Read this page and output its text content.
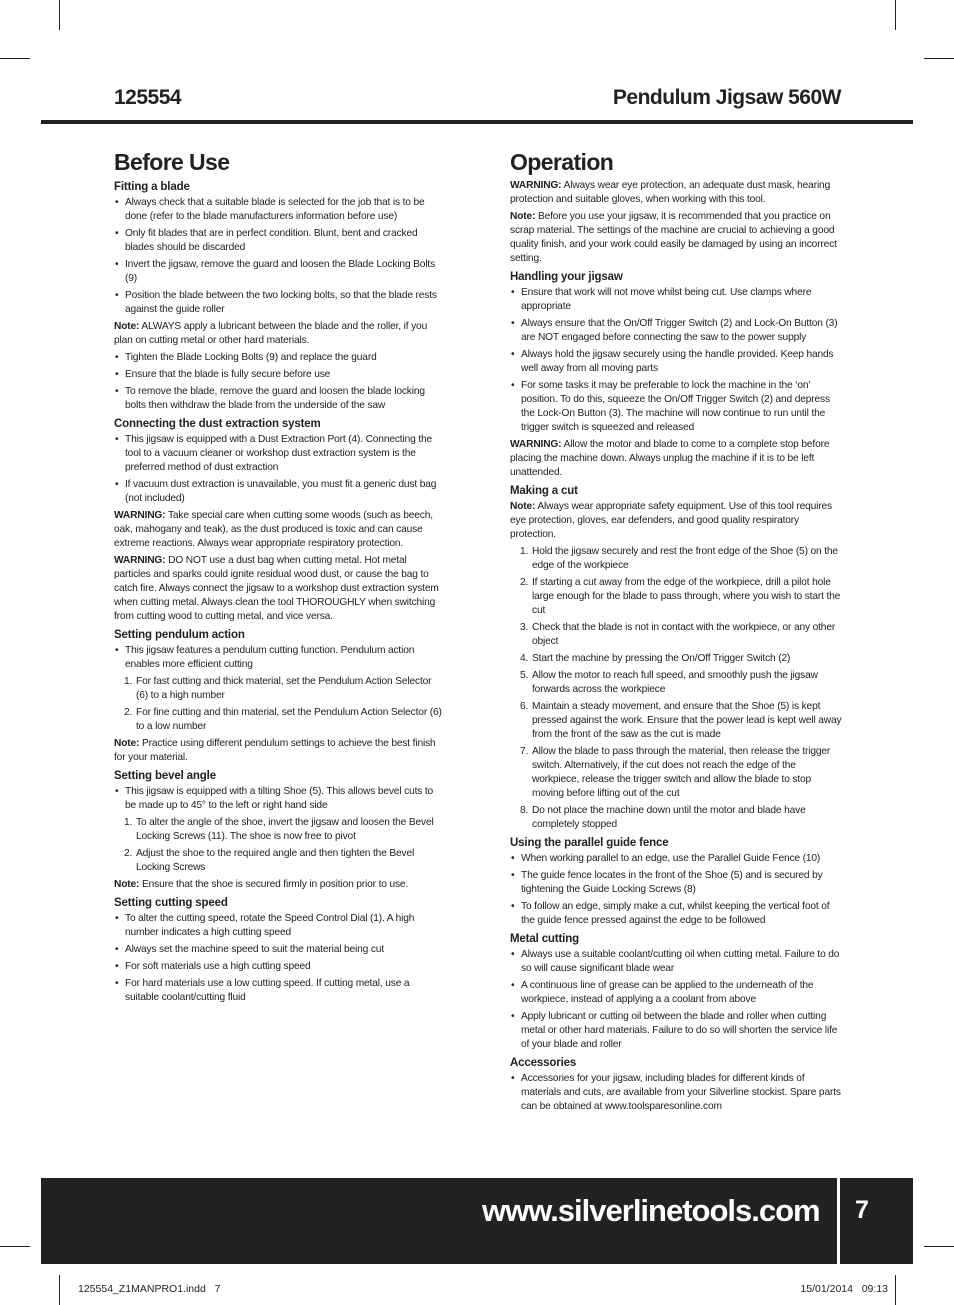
125554	Pendulum Jigsaw 560W
Before Use
Fitting a blade
• Always check that a suitable blade is selected for the job that is to be done (refer to the blade manufacturers information before use)
• Only fit blades that are in perfect condition. Blunt, bent and cracked blades should be discarded
• Invert the jigsaw, remove the guard and loosen the Blade Locking Bolts (9)
• Position the blade between the two locking bolts, so that the blade rests against the guide roller
Note: ALWAYS apply a lubricant between the blade and the roller, if you plan on cutting metal or other hard materials.
• Tighten the Blade Locking Bolts (9) and replace the guard
• Ensure that the blade is fully secure before use
• To remove the blade, remove the guard and loosen the blade locking bolts then withdraw the blade from the underside of the saw
Connecting the dust extraction system
• This jigsaw is equipped with a Dust Extraction Port (4). Connecting the tool to a vacuum cleaner or workshop dust extraction system is the preferred method of dust extraction
• If vacuum dust extraction is unavailable, you must fit a generic dust bag (not included)
WARNING: Take special care when cutting some woods (such as beech, oak, mahogany and teak), as the dust produced is toxic and can cause extreme reactions. Always wear appropriate respiratory protection.
WARNING: DO NOT use a dust bag when cutting metal. Hot metal particles and sparks could ignite residual wood dust, or cause the bag to catch fire. Always connect the jigsaw to a workshop dust extraction system when cutting metal. Always clean the tool THOROUGHLY when switching from cutting wood to cutting metal, and vice versa.
Setting pendulum action
• This jigsaw features a pendulum cutting function. Pendulum action enables more efficient cutting
1. For fast cutting and thick material, set the Pendulum Action Selector (6) to a high number
2. For fine cutting and thin material, set the Pendulum Action Selector (6) to a low number
Note: Practice using different pendulum settings to achieve the best finish for your material.
Setting bevel angle
• This jigsaw is equipped with a tilting Shoe (5). This allows bevel cuts to be made up to 45° to the left or right hand side
1. To alter the angle of the shoe, invert the jigsaw and loosen the Bevel Locking Screws (11). The shoe is now free to pivot
2. Adjust the shoe to the required angle and then tighten the Bevel Locking Screws
Note: Ensure that the shoe is secured firmly in position prior to use.
Setting cutting speed
• To alter the cutting speed, rotate the Speed Control Dial (1). A high number indicates a high cutting speed
• Always set the machine speed to suit the material being cut
• For soft materials use a high cutting speed
• For hard materials use a low cutting speed. If cutting metal, use a suitable coolant/cutting fluid
Operation
WARNING: Always wear eye protection, an adequate dust mask, hearing protection and suitable gloves, when working with this tool.
Note: Before you use your jigsaw, it is recommended that you practice on scrap material. The settings of the machine are crucial to achieving a good quality finish, and your work could easily be damaged by using an incorrect setting.
Handling your jigsaw
• Ensure that work will not move whilst being cut. Use clamps where appropriate
• Always ensure that the On/Off Trigger Switch (2) and Lock-On Button (3) are NOT engaged before connecting the saw to the power supply
• Always hold the jigsaw securely using the handle provided. Keep hands well away from all moving parts
• For some tasks it may be preferable to lock the machine in the ‘on’ position. To do this, squeeze the On/Off Trigger Switch (2) and depress the Lock-On Button (3). The machine will now continue to run until the trigger switch is squeezed and released
WARNING: Allow the motor and blade to come to a complete stop before placing the machine down. Always unplug the machine if it is to be left unattended.
Making a cut
Note: Always wear appropriate safety equipment. Use of this tool requires eye protection, gloves, ear defenders, and good quality respiratory protection.
1. Hold the jigsaw securely and rest the front edge of the Shoe (5) on the edge of the workpiece
2. If starting a cut away from the edge of the workpiece, drill a pilot hole large enough for the blade to pass through, where you wish to start the cut
3. Check that the blade is not in contact with the workpiece, or any other object
4. Start the machine by pressing the On/Off Trigger Switch (2)
5. Allow the motor to reach full speed, and smoothly push the jigsaw forwards across the workpiece
6. Maintain a steady movement, and ensure that the Shoe (5) is kept pressed against the work. Ensure that the power lead is kept well away from the front of the saw as the cut is made
7. Allow the blade to pass through the material, then release the trigger switch. Alternatively, if the cut does not reach the edge of the workpiece, release the trigger switch and allow the blade to stop moving before lifting out of the cut
8. Do not place the machine down until the motor and blade have completely stopped
Using the parallel guide fence
• When working parallel to an edge, use the Parallel Guide Fence (10)
• The guide fence locates in the front of the Shoe (5) and is secured by tightening the Guide Locking Screws (8)
• To follow an edge, simply make a cut, whilst keeping the vertical foot of the guide fence pressed against the edge to be followed
Metal cutting
• Always use a suitable coolant/cutting oil when cutting metal. Failure to do so will cause significant blade wear
• A continuous line of grease can be applied to the underneath of the workpiece, instead of applying a a coolant from above
• Apply lubricant or cutting oil between the blade and roller when cutting metal or other hard materials. Failure to do so will shorten the service life of your blade and roller
Accessories
• Accessories for your jigsaw, including blades for different kinds of materials and cuts, are available from your Silverline stockist. Spare parts can be obtained at www.toolsparesonline.com
www.silverlinetools.com 7
125554_Z1MANPRO1.indd   7	15/01/2014   09:13
